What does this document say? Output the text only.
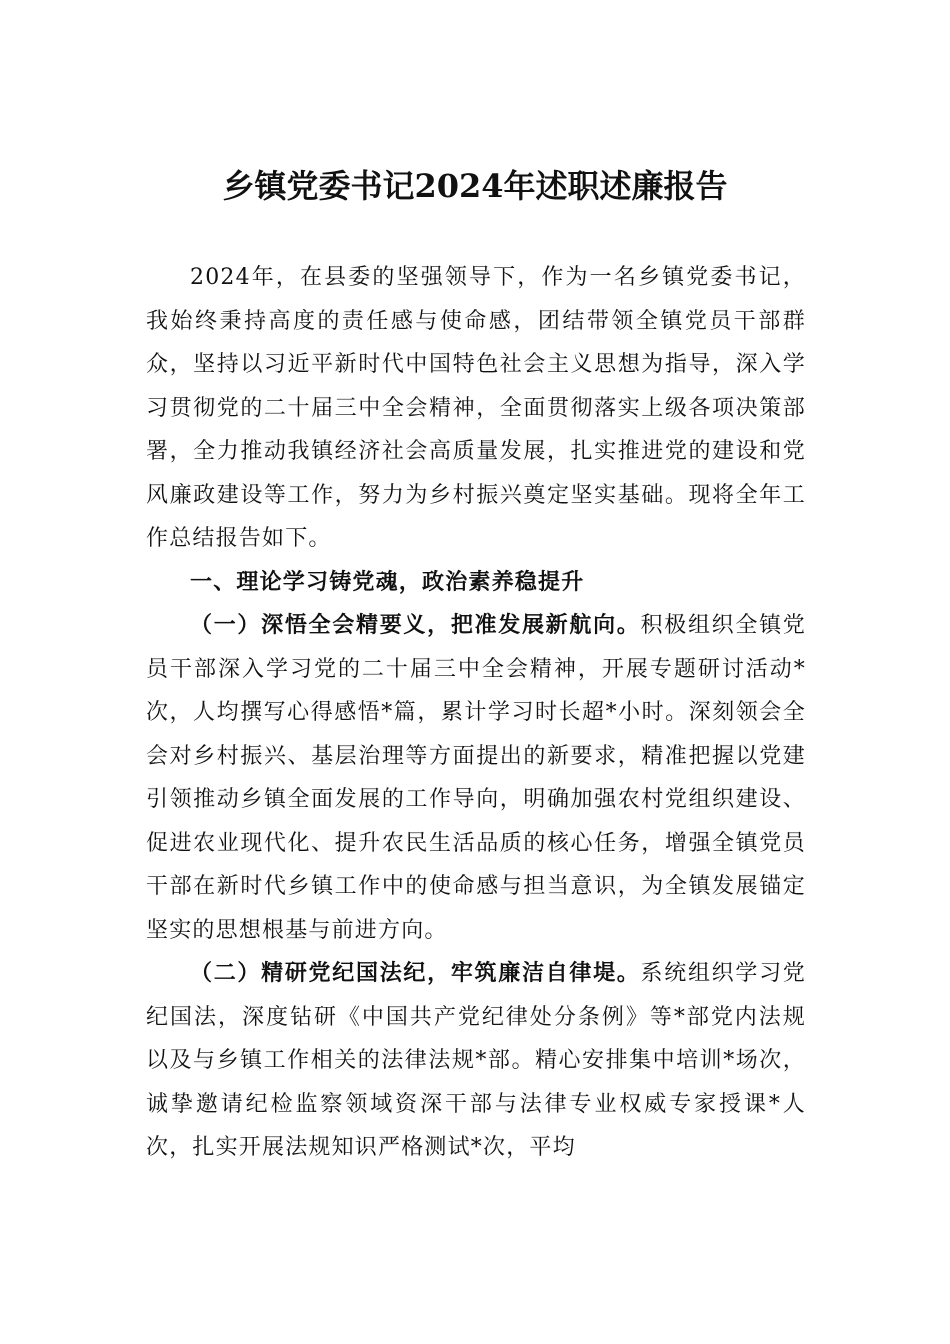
乡镇党委书记2024年述职述廉报告

2024年，在县委的坚强领导下，作为一名乡镇党委书记，我始终秉持高度的责任感与使命感，团结带领全镇党员干部群众，坚持以习近平新时代中国特色社会主义思想为指导，深入学习贯彻党的二十届三中全会精神，全面贯彻落实上级各项决策部署，全力推动我镇经济社会高质量发展，扎实推进党的建设和党风廉政建设等工作，努力为乡村振兴奠定坚实基础。现将全年工作总结报告如下。

一、理论学习铸党魂，政治素养稳提升

（一）深悟全会精要义，把准发展新航向。积极组织全镇党员干部深入学习党的二十届三中全会精神，开展专题研讨活动*次，人均撰写心得感悟*篇，累计学习时长超*小时。深刻领会全会对乡村振兴、基层治理等方面提出的新要求，精准把握以党建引领推动乡镇全面发展的工作导向，明确加强农村党组织建设、促进农业现代化、提升农民生活品质的核心任务，增强全镇党员干部在新时代乡镇工作中的使命感与担当意识，为全镇发展锚定坚实的思想根基与前进方向。

（二）精研党纪国法纪，牢筑廉洁自律堤。系统组织学习党纪国法，深度钻研《中国共产党纪律处分条例》等*部党内法规以及与乡镇工作相关的法律法规*部。精心安排集中培训*场次，诚挚邀请纪检监察领域资深干部与法律专业权威专家授课*人次，扎实开展法规知识严格测试*次，平均
